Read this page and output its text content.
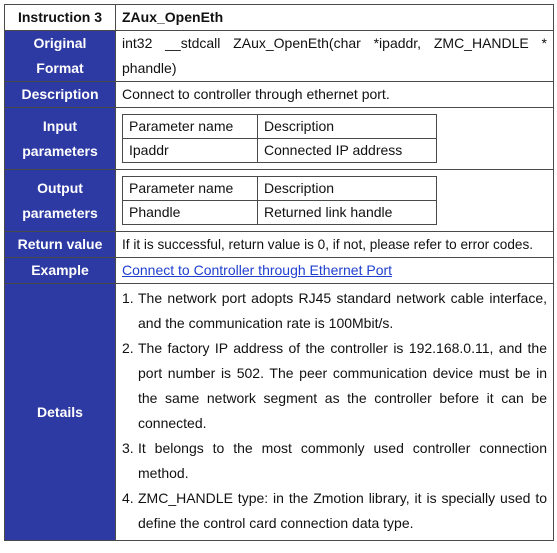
Instruction 3	ZAux_OpenEth

Original
Format
	int32 __stdcall ZAux_OpenEth(char *ipaddr, ZMC_HANDLE * phandle)
Description	Connect to controller through ethernet port.

Input
parameters

Parameter name	Description
Ipaddr	Connected IP address

Output
parameters

Parameter name	Description
Phandle	Returned link handle

Return value	If it is successful, return value is 0, if not, please refer to error codes.
Example	Connect to Controller through Ethernet Port
Details	
1. The network port adopts RJ45 standard network cable interface, and the communication rate is 100Mbit/s.
2. The factory IP address of the controller is 192.168.0.11, and the port number is 502. The peer communication device must be in the same network segment as the controller before it can be connected.
3. It belongs to the most commonly used controller connection method.
4. ZMC_HANDLE type: in the Zmotion library, it is specially used to define the control card connection data type.
